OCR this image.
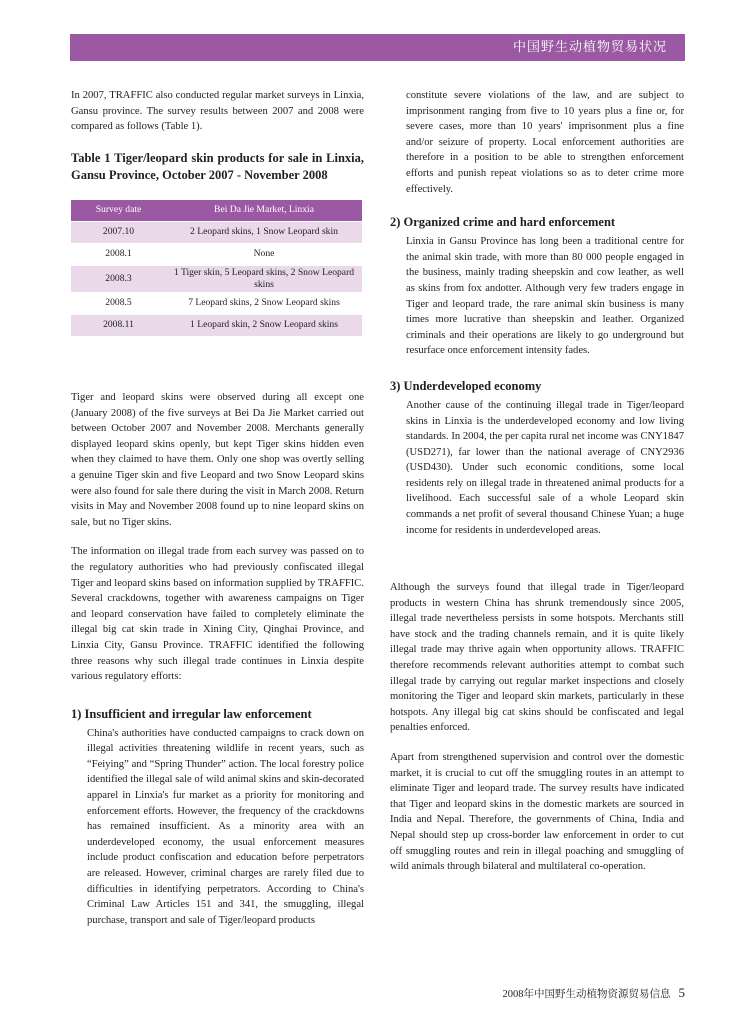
中国野生动植物贸易状况

In 2007, TRAFFIC also conducted regular market surveys in Linxia, Gansu province. The survey results between 2007 and 2008 were compared as follows (Table 1).

Table 1 Tiger/leopard skin products for sale in Linxia, Gansu Province, October 2007 - November 2008
Survey date	Bei Da Jie Market, Linxia
2007.10	2 Leopard skins, 1 Snow Leopard skin
2008.1	None
2008.3	1 Tiger skin, 5 Leopard skins, 2 Snow Leopard skins
2008.5	7 Leopard skins, 2 Snow Leopard skins
2008.11	1 Leopard skin, 2 Snow Leopard skins

Tiger and leopard skins were observed during all except one (January 2008) of the five surveys at Bei Da Jie Market carried out between October 2007 and November 2008. Merchants generally displayed leopard skins openly, but kept Tiger skins hidden even when they claimed to have them. Only one shop was overtly selling a genuine Tiger skin and five Leopard and two Snow Leopard skins were also found for sale there during the visit in March 2008. Return visits in May and November 2008 found up to nine leopard skins on sale, but no Tiger skins.

The information on illegal trade from each survey was passed on to the regulatory authorities who had previously confiscated illegal Tiger and leopard skins based on information supplied by TRAFFIC. Several crackdowns, together with awareness campaigns on Tiger and leopard conservation have failed to completely eliminate the illegal big cat skin trade in Xining City, Qinghai Province, and Linxia City, Gansu Province. TRAFFIC identified the following three reasons why such illegal trade continues in Linxia despite various regulatory efforts:

1) Insufficient and irregular law enforcement

China's authorities have conducted campaigns to crack down on illegal activities threatening wildlife in recent years, such as “Feiying” and “Spring Thunder” action. The local forestry police identified the illegal sale of wild animal skins and skin-decorated apparel in Linxia's fur market as a priority for monitoring and enforcement efforts. However, the frequency of the crackdowns has remained insufficient. As a minority area with an underdeveloped economy, the usual enforcement measures include product confiscation and education before perpetrators are released. However, criminal charges are rarely filed due to difficulties in identifying perpetrators. According to China's Criminal Law Articles 151 and 341, the smuggling, illegal purchase, transport and sale of Tiger/leopard products

constitute severe violations of the law, and are subject to imprisonment ranging from five to 10 years plus a fine or, for severe cases, more than 10 years' imprisonment plus a fine and/or seizure of property. Local enforcement authorities are therefore in a position to be able to strengthen enforcement efforts and punish repeat violations so as to deter crime more effectively.

2) Organized crime and hard enforcement

Linxia in Gansu Province has long been a traditional centre for the animal skin trade, with more than 80 000 people engaged in the business, mainly trading sheepskin and cow leather, as well as skins from fox andotter. Although very few traders engage in Tiger and leopard trade, the rare animal skin business is many times more lucrative than sheepskin and leather. Organized criminals and their operations are likely to go underground but resurface once enforcement intensity fades.

3) Underdeveloped economy

Another cause of the continuing illegal trade in Tiger/leopard skins in Linxia is the underdeveloped economy and low living standards. In 2004, the per capita rural net income was CNY1847 (USD271), far lower than the national average of CNY2936 (USD430). Under such economic conditions, some local residents rely on illegal trade in threatened animal products for a livelihood. Each successful sale of a whole Leopard skin commands a net profit of several thousand Chinese Yuan; a huge income for residents in underdeveloped areas.

Although the surveys found that illegal trade in Tiger/leopard products in western China has shrunk tremendously since 2005, illegal trade nevertheless persists in some hotspots. Merchants still have stock and the trading channels remain, and it is quite likely illegal trade may thrive again when opportunity allows. TRAFFIC therefore recommends relevant authorities attempt to combat such illegal trade by carrying out regular market inspections and closely monitoring the Tiger and leopard skin markets, particularly in these hotspots. Any illegal big cat skins should be confiscated and legal penalties enforced.

Apart from strengthened supervision and control over the domestic market, it is crucial to cut off the smuggling routes in an attempt to eliminate Tiger and leopard trade. The survey results have indicated that Tiger and leopard skins in the domestic markets are sourced in India and Nepal. Therefore, the governments of China, India and Nepal should step up cross-border law enforcement in order to cut off smuggling routes and rein in illegal poaching and smuggling of wild animals through bilateral and multilateral co-operation.

2008年中国野生动植物资源贸易信息 5
